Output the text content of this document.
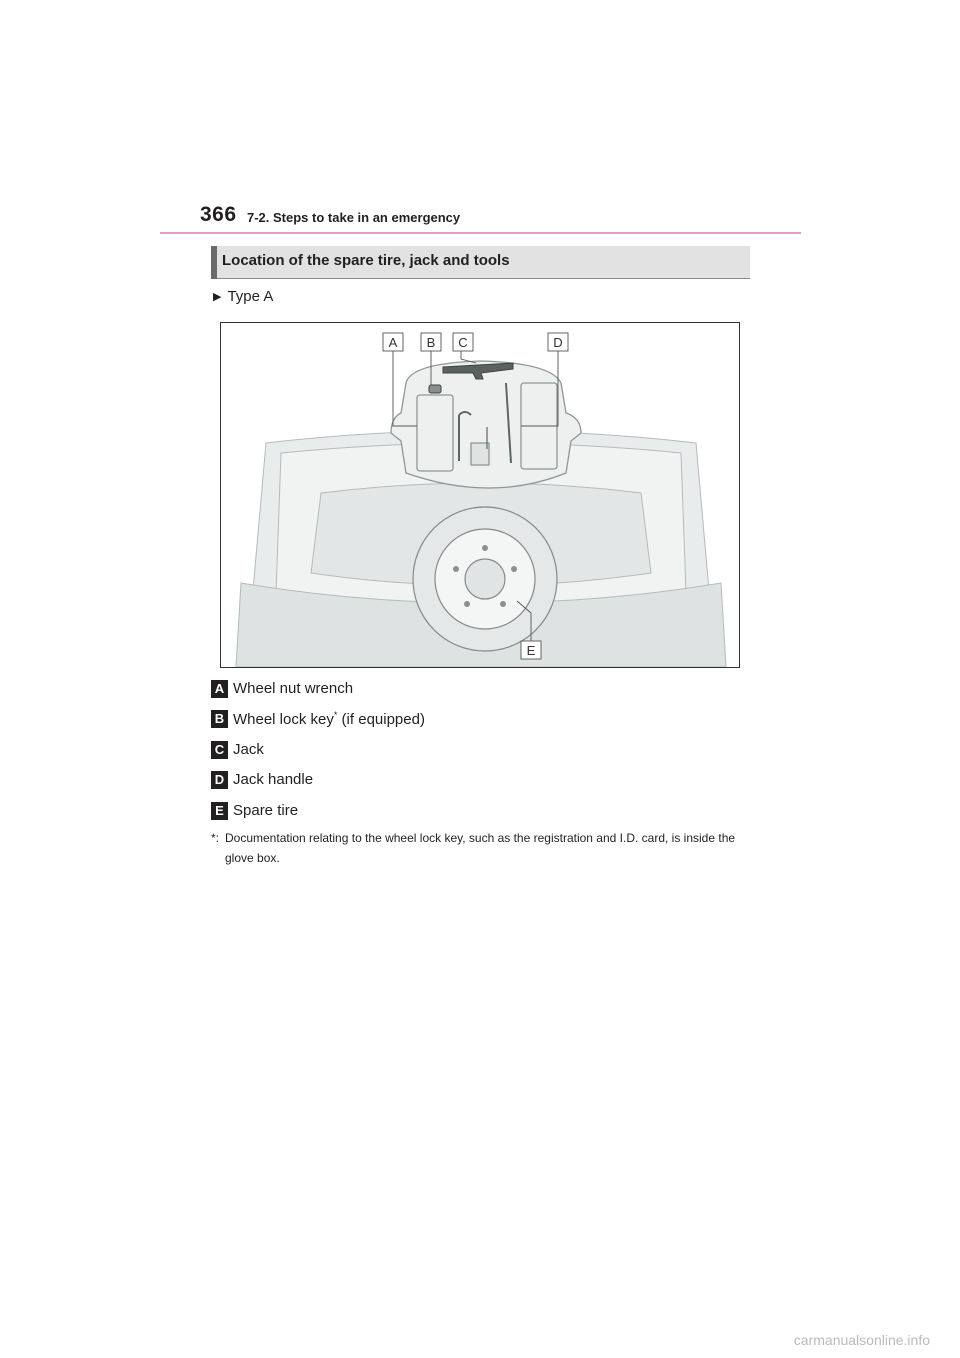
366 7-2. Steps to take in an emergency
Location of the spare tire, jack and tools
▶ Type A
A B C	D
E
A Wheel nut wrench
B Wheel lock key* (if equipped)
C Jack
D Jack handle
E Spare tire
*: Documentation relating to the wheel lock key, such as the registration and I.D. card, is inside the glove box.
carmanualsonline.info
